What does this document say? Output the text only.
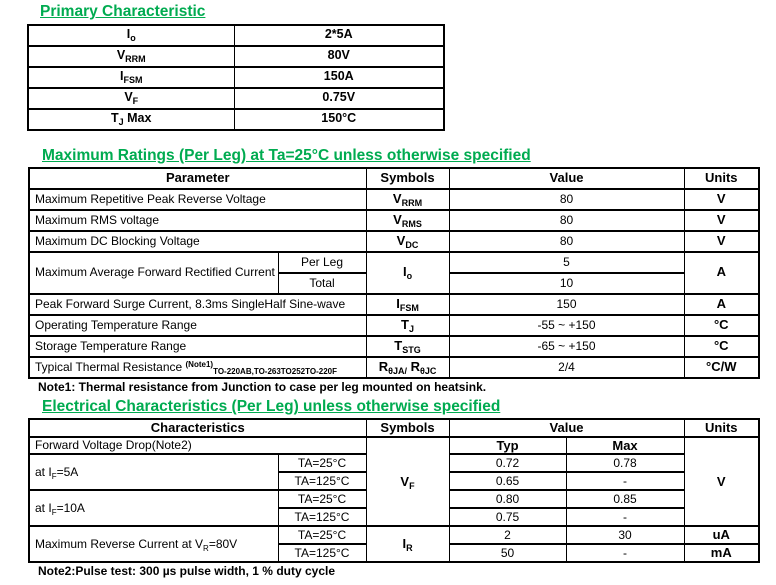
Primary Characteristic
$I_o$	2*5A
$V_{RRM}$	80V
$I_{FSM}$	150A
$V_F$	0.75V
$T_J$ Max	150°C
Maximum Ratings (Per Leg) at Ta=25°C unless otherwise specified
Parameter		Symbols	Value	Units
Maximum Repetitive Peak Reverse Voltage		$V_{RRM}$	80	V
Maximum RMS voltage		$V_{RMS}$	80	V
Maximum DC Blocking Voltage		$V_{DC}$	80	V
Maximum Average Forward Rectified Current	Per Leg	$I_o$	5	A
	Total		10	
Peak Forward Surge Current, 8.3ms SingleHalf Sine-wave		$I_{FSM}$	150	A
Operating Temperature Range		$T_J$	-55 ~ +150	°C
Storage Temperature Range		$T_{STG}$	-65 ~ +150	°C
Typical Thermal Resistance $^{(Note1)}_{TO-220AB,TO-263TO252TO-220F}$		$R_{\theta JA/}$ $R_{\theta JC}$	2/4	°C/W
Note1: Thermal resistance from Junction to case per leg mounted on heatsink.
Electrical Characteristics (Per Leg) unless otherwise specified
Characteristics		Symbols	Value		Units
Forward Voltage Drop(Note2)		$V_F$	Typ	Max	V
at $I_F=5A$	TA=25°C		0.72	0.78	
	TA=125°C		0.65	-	
at $I_F=10A$	TA=25°C		0.80	0.85	
	TA=125°C		0.75	-	
Maximum Reverse Current at $V_R=80V$	TA=25°C	$I_R$	2	30	uA
	TA=125°C		50	-	mA
Note2:Pulse test: 300 µs pulse width, 1 % duty cycle
